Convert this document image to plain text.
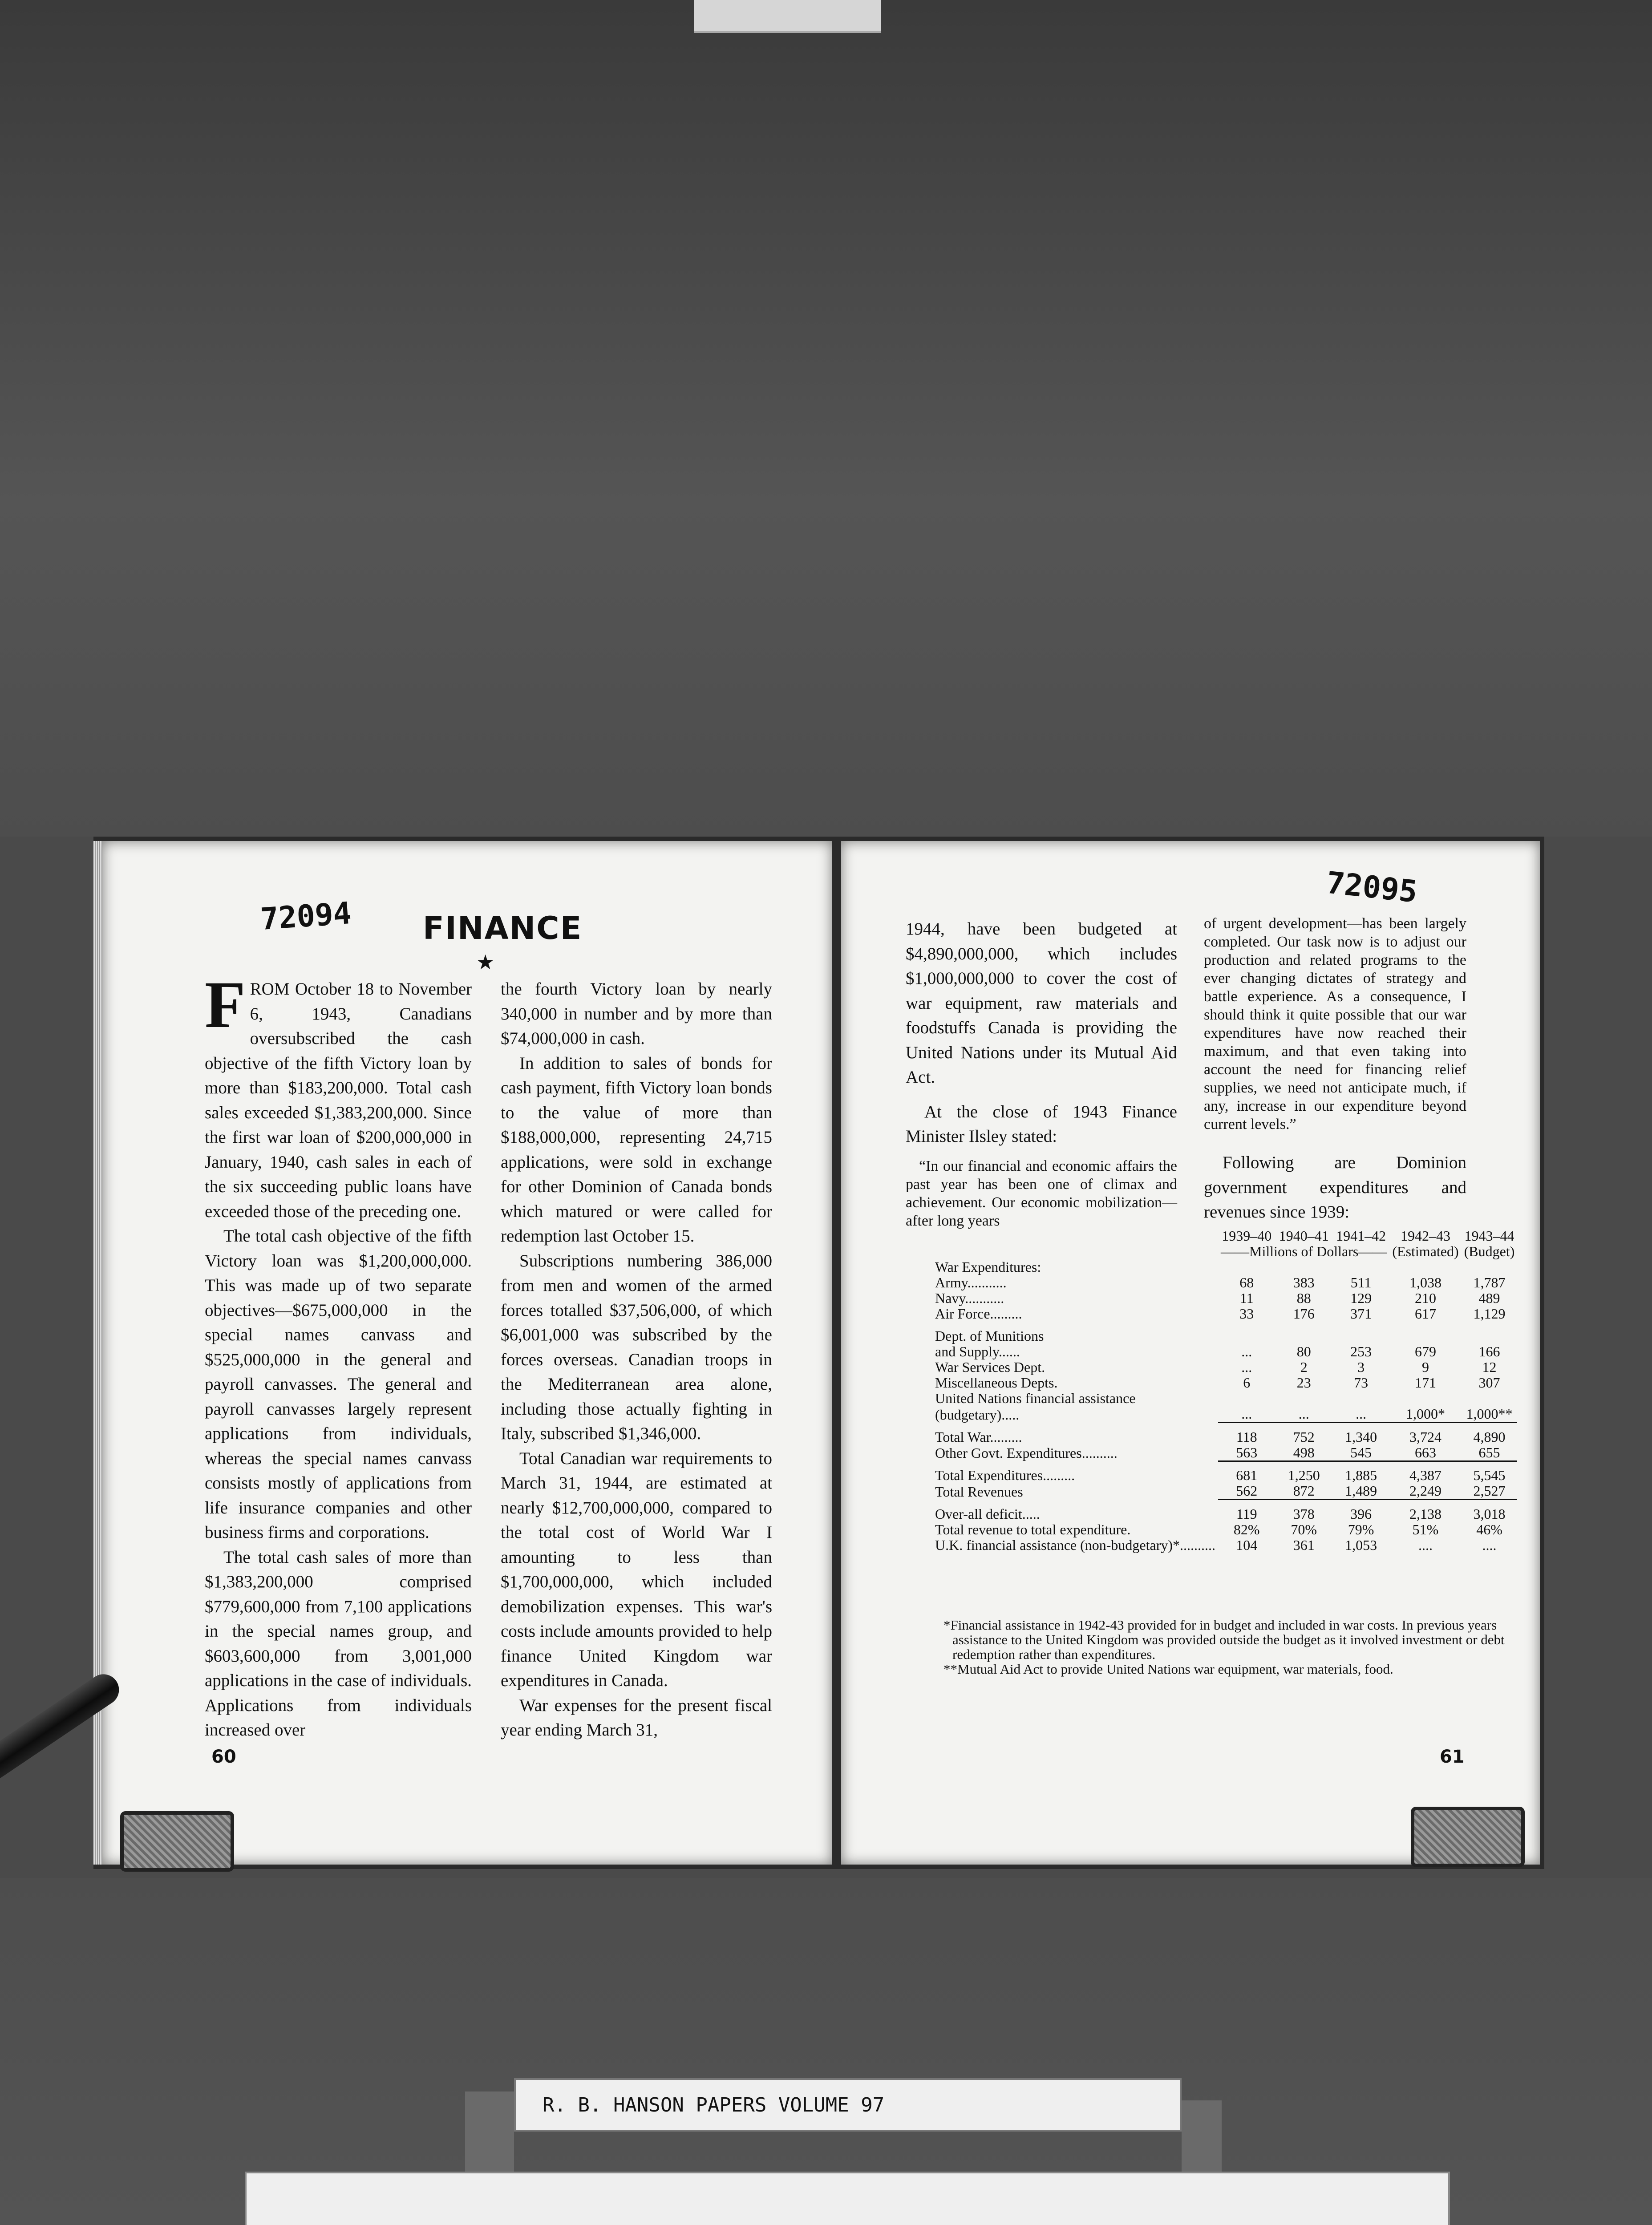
72094 FINANCE
★

FROM October 18 to November 6, 1943, Canadians oversubscribed the cash objective of the fifth Victory loan by more than $183,200,000. Total cash sales exceeded $1,383,200,000. Since the first war loan of $200,000,000 in January, 1940, cash sales in each of the six succeeding public loans have exceeded those of the preceding one.

The total cash objective of the fifth Victory loan was $1,200,000,000. This was made up of two separate objectives—$675,000,000 in the special names canvass and $525,000,000 in the general and payroll canvasses. The general and payroll canvasses largely represent applications from individuals, whereas the special names canvass consists mostly of applications from life insurance companies and other business firms and corporations.

The total cash sales of more than $1,383,200,000 comprised $779,600,000 from 7,100 applications in the special names group, and $603,600,000 from 3,001,000 applications in the case of individuals. Applications from individuals increased over

the fourth Victory loan by nearly 340,000 in number and by more than $74,000,000 in cash.

In addition to sales of bonds for cash payment, fifth Victory loan bonds to the value of more than $188,000,000, representing 24,715 applications, were sold in exchange for other Dominion of Canada bonds which matured or were called for redemption last October 15.

Subscriptions numbering 386,000 from men and women of the armed forces totalled $37,506,000, of which $6,001,000 was subscribed by the forces overseas. Canadian troops in the Mediterranean area alone, including those actually fighting in Italy, subscribed $1,346,000.

Total Canadian war requirements to March 31, 1944, are estimated at nearly $12,700,000,000, compared to the total cost of World War I amounting to less than $1,700,000,000, which included demobilization expenses. This war's costs include amounts provided to help finance United Kingdom war expenditures in Canada.

War expenses for the present fiscal year ending March 31,

60
72095

1944, have been budgeted at $4,890,000,000, which includes $1,000,000,000 to cover the cost of war equipment, raw materials and foodstuffs Canada is providing the United Nations under its Mutual Aid Act.

At the close of 1943 Finance Minister Ilsley stated:

“In our financial and economic affairs the past year has been one of climax and achievement. Our economic mobilization—after long years

of urgent development—has been largely completed. Our task now is to adjust our production and related programs to the ever changing dictates of strategy and battle experience. As a consequence, I should think it quite possible that our war expenditures have now reached their maximum, and that even taking into account the need for financing relief supplies, we need not anticipate much, if any, increase in our expenditure beyond current levels.”

Following are Dominion government expenditures and revenues since 1939:

	1939–40	1940–41	1941–42	1942–43	1943–44
	——Millions of Dollars——			(Estimated)	(Budget)
War Expenditures:					
Army...........	68	383	511	1,038	1,787
Navy...........	11	88	129	210	489
Air Force.........	33	176	371	617	1,129
Dept. of Munitions					
and Supply......	...	80	253	679	166
War Services Dept.	...	2	3	9	12
Miscellaneous Depts.	6	23	73	171	307
United Nations financial assistance					
(budgetary).....	...	...	...	1,000*	1,000**
Total War.........	118	752	1,340	3,724	4,890
Other Govt. Expenditures..........	563	498	545	663	655
Total Expenditures.........	681	1,250	1,885	4,387	5,545
Total Revenues	562	872	1,489	2,249	2,527
Over-all deficit.....	119	378	396	2,138	3,018
Total revenue to total expenditure.	82%	70%	79%	51%	46%
U.K. financial assistance (non-budgetary)*..........	104	361	1,053	....	....

*Financial assistance in 1942-43 provided for in budget and included in war costs. In previous years assistance to the United Kingdom was provided outside the budget as it involved investment or debt redemption rather than expenditures.

**Mutual Aid Act to provide United Nations war equipment, war materials, food.

61
R. B. HANSON PAPERS VOLUME 97
